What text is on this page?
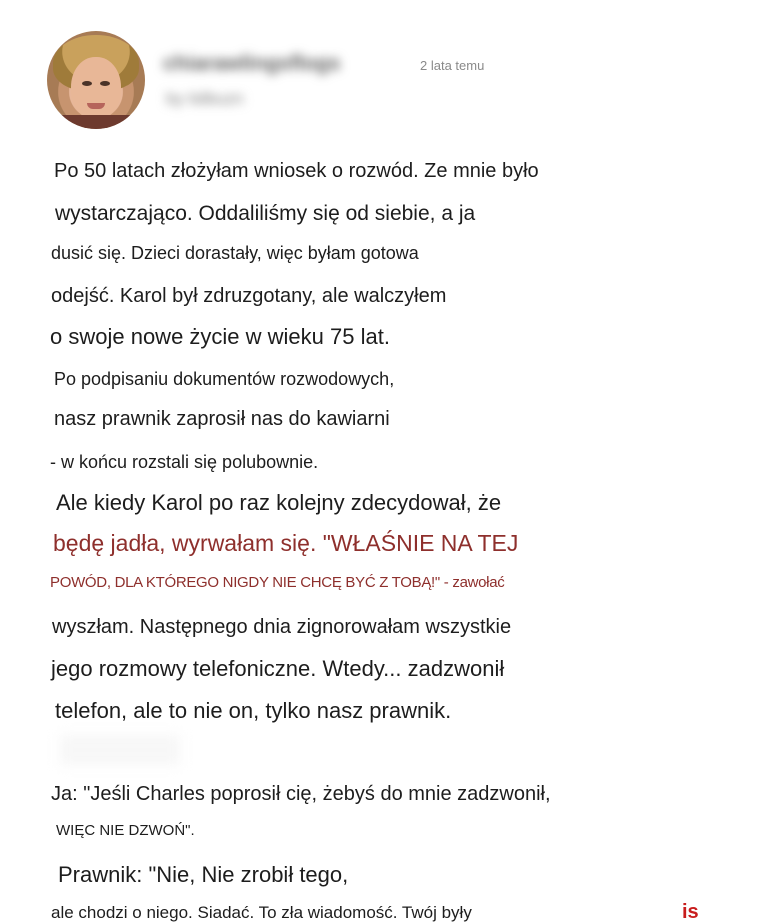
chiarawlingsflogs
by tidbuzn
2 lata temu
Po 50 latach złożyłam wniosek o rozwód. Ze mnie było
wystarczająco. Oddaliliśmy się od siebie, a ja
dusić się. Dzieci dorastały, więc byłam gotowa
odejść. Karol był zdruzgotany, ale walczyłem
o swoje nowe życie w wieku 75 lat.
Po podpisaniu dokumentów rozwodowych,
nasz prawnik zaprosił nas do kawiarni
- w końcu rozstali się polubownie.
Ale kiedy Karol po raz kolejny zdecydował, że
będę jadła, wyrwałam się. "WŁAŚNIE NA TEJ
POWÓD, DLA KTÓREGO NIGDY NIE CHCĘ BYĆ Z TOBĄ!" - zawołać
wyszłam. Następnego dnia zignorowałam wszystkie
jego rozmowy telefoniczne. Wtedy... zadzwonił
telefon, ale to nie on, tylko nasz prawnik.
Ja: "Jeśli Charles poprosił cię, żebyś do mnie zadzwonił,
WIĘC NIE DZWOŃ".
Prawnik: "Nie, Nie zrobił tego,
ale chodzi o niego. Siadać. To zła wiadomość. Twój były	is
